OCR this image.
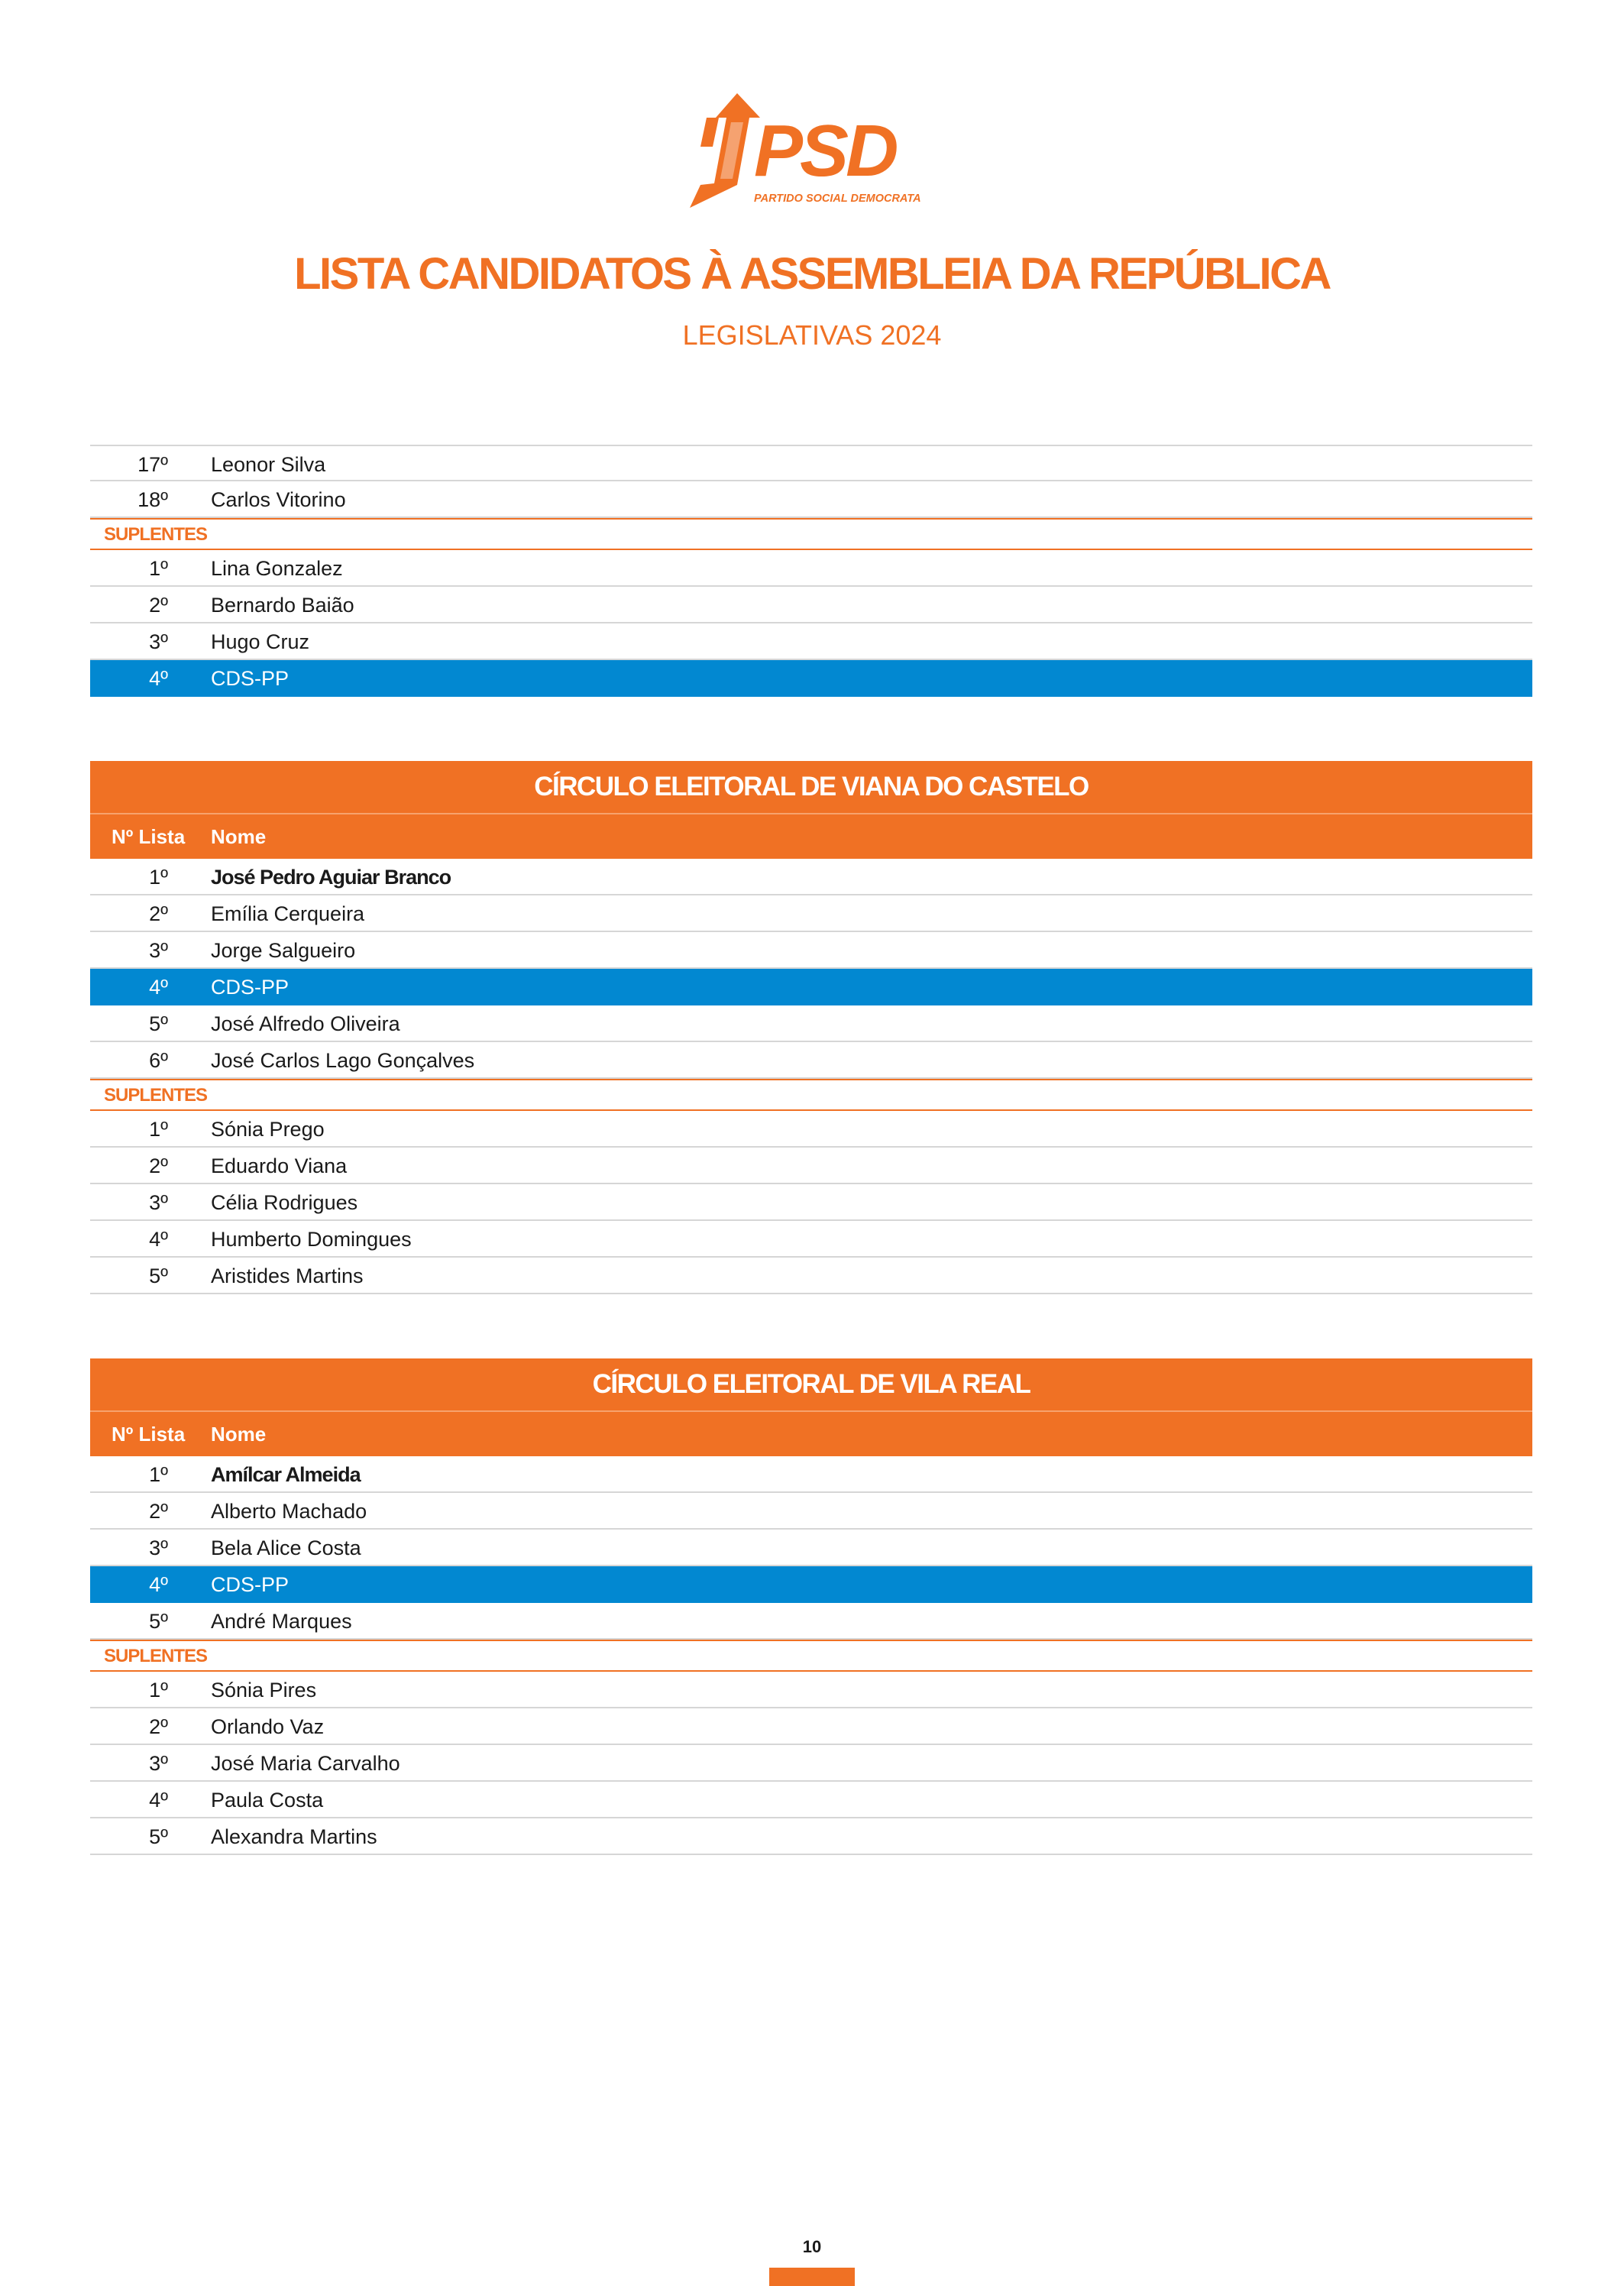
PSD
PARTIDO SOCIAL DEMOCRATA
LISTA CANDIDATOS À ASSEMBLEIA DA REPÚBLICA
LEGISLATIVAS 2024
17º Leonor Silva
18º Carlos Vitorino
SUPLENTES
1º Lina Gonzalez
2º Bernardo Baião
3º Hugo Cruz
4º CDS-PP
CÍRCULO ELEITORAL DE VIANA DO CASTELO
Nº Lista Nome
1º José Pedro Aguiar Branco
2º Emília Cerqueira
3º Jorge Salgueiro
4º CDS-PP
5º José Alfredo Oliveira
6º José Carlos Lago Gonçalves
SUPLENTES
1º Sónia Prego
2º Eduardo Viana
3º Célia Rodrigues
4º Humberto Domingues
5º Aristides Martins
CÍRCULO ELEITORAL DE VILA REAL
Nº Lista Nome
1º Amílcar Almeida
2º Alberto Machado
3º Bela Alice Costa
4º CDS-PP
5º André Marques
SUPLENTES
1º Sónia Pires
2º Orlando Vaz
3º José Maria Carvalho
4º Paula Costa
5º Alexandra Martins
10
